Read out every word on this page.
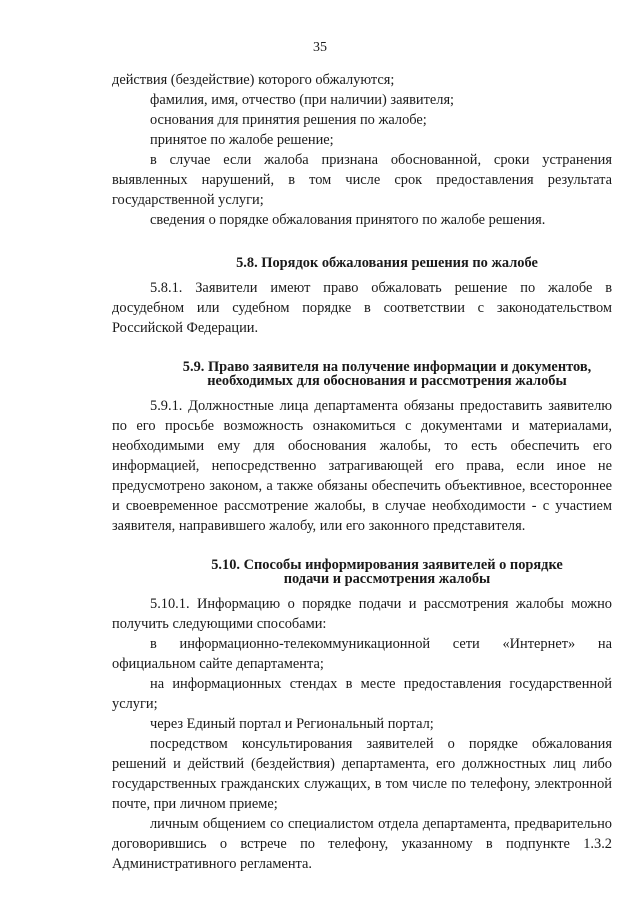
35

действия (бездействие) которого обжалуются;

фамилия, имя, отчество (при наличии) заявителя;

основания для принятия решения по жалобе;

принятое по жалобе решение;

в случае если жалоба признана обоснованной, сроки устранения выявленных нарушений, в том числе срок предоставления результата государственной услуги;

сведения о порядке обжалования принятого по жалобе решения.

5.8. Порядок обжалования решения по жалобе

5.8.1. Заявители имеют право обжаловать решение по жалобе в досудебном или судебном порядке в соответствии с законодательством Российской Федерации.

5.9. Право заявителя на получение информации и документов,
необходимых для обоснования и рассмотрения жалобы

5.9.1. Должностные лица департамента обязаны предоставить заявителю по его просьбе возможность ознакомиться с документами и материалами, необходимыми ему для обоснования жалобы, то есть обеспечить его информацией, непосредственно затрагивающей его права, если иное не предусмотрено законом, а также обязаны обеспечить объективное, всестороннее и своевременное рассмотрение жалобы, в случае необходимости - с участием заявителя, направившего жалобу, или его законного представителя.

5.10. Способы информирования заявителей о порядке
подачи и рассмотрения жалобы

5.10.1. Информацию о порядке подачи и рассмотрения жалобы можно получить следующими способами:

в информационно-телекоммуникационной сети «Интернет» на официальном сайте департамента;

на информационных стендах в месте предоставления государственной услуги;

через Единый портал и Региональный портал;

посредством консультирования заявителей о порядке обжалования решений и действий (бездействия) департамента, его должностных лиц либо государственных гражданских служащих, в том числе по телефону, электронной почте, при личном приеме;

личным общением со специалистом отдела департамента, предварительно договорившись о встрече по телефону, указанному в подпункте 1.3.2 Административного регламента.
